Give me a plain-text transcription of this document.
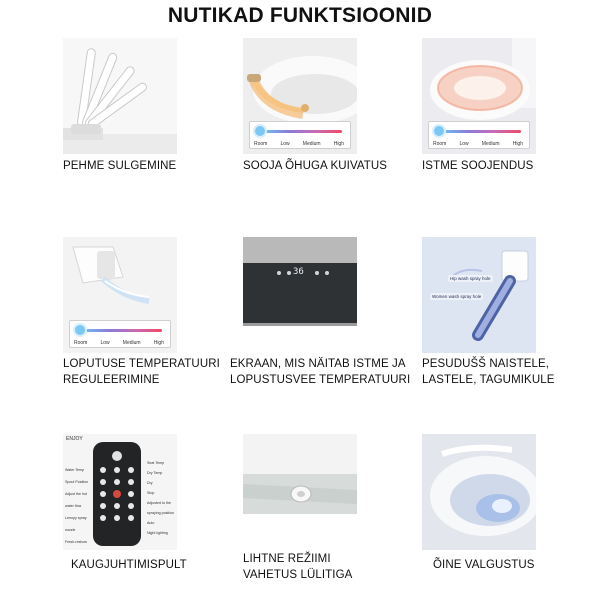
NUTIKAD FUNKTSIOONID
PEHME SULGEMINE
Room	Low	Medium	High
SOOJA ÕHUGA KUIVATUS
Room	Low	Medium	High
ISTME SOOJENDUS
Room	Low	Medium	High
LOPUTUSE TEMPERATUURI
REGULEERIMINE
36
EKRAAN, MIS NÄITAB ISTME JA
LOPUSTUSVEE TEMPERATUURI
Hip wash spray hole
Women wash spray hole
PESUDUŠŠ NAISTELE,
LASTELE, TAGUMIKULE
ENJOY
Water Temp
Spout Position
Adjust the hot water flow
Lenopy spray nozzle
Fresh-reshow
Seat Temp
Dry Temp
Dry
Stop
Adjusted to the spraying position
Auto
Night lighting
KAUGJUHTIMISPULT	LIHTNE REŽIIMI
VAHETUS LÜLITIGA
ÕINE VALGUSTUS
